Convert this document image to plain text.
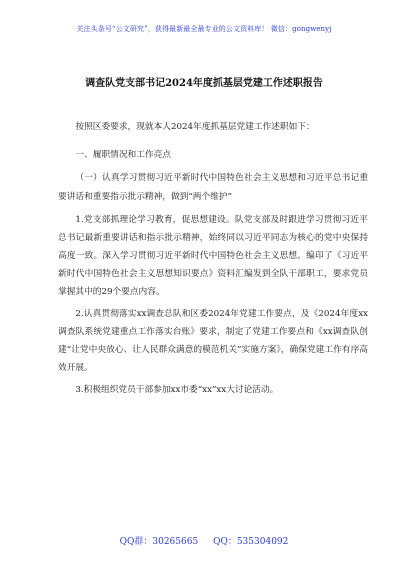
关注头条号“公文研究”，获得最新最全最专业的公文资料库！ 微信：gongwenyj
调查队党支部书记2024年度抓基层党建工作述职报告

按照区委要求，现就本人2024年度抓基层党建工作述职如下：

一、履职情况和工作亮点

（一）认真学习贯彻习近平新时代中国特色社会主义思想和习近平总书记重要讲话和重要指示批示精神，做到“两个维护”

1.党支部抓理论学习教育，促思想建设。队党支部及时跟进学习贯彻习近平总书记最新重要讲话和指示批示精神，始终同以习近平同志为核心的党中央保持高度一致。深入学习贯彻习近平新时代中国特色社会主义思想。编印了《习近平新时代中国特色社会主义思想知识要点》资料汇编发到全队干部职工，要求党员掌握其中的29个要点内容。

2.认真贯彻落实xx调查总队和区委2024年党建工作要点，及《2024年度xx调查队系统党建重点工作落实台账》要求，制定了党建工作要点和《xx调查队创建“让党中央放心、让人民群众满意的模范机关”实施方案》，确保党建工作有序高效开展。

3.积极组织党员干部参加xx市委“xx”xx大讨论活动。

QQ群：30265665 QQ：535304092
